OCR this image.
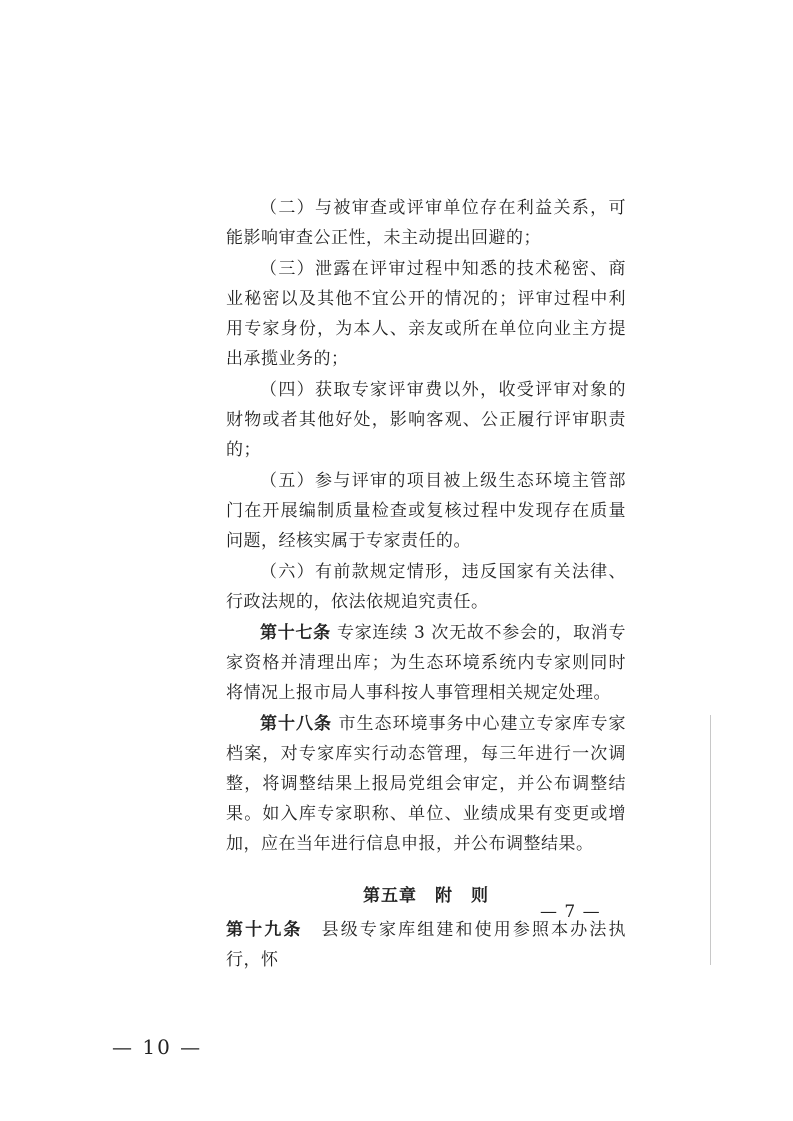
（二）与被审查或评审单位存在利益关系，可能影响审查公正性，未主动提出回避的；

（三）泄露在评审过程中知悉的技术秘密、商业秘密以及其他不宜公开的情况的；评审过程中利用专家身份，为本人、亲友或所在单位向业主方提出承揽业务的；

（四）获取专家评审费以外，收受评审对象的财物或者其他好处，影响客观、公正履行评审职责的；

（五）参与评审的项目被上级生态环境主管部门在开展编制质量检查或复核过程中发现存在质量问题，经核实属于专家责任的。

（六）有前款规定情形，违反国家有关法律、行政法规的，依法依规追究责任。

第十七条 专家连续 3 次无故不参会的，取消专家资格并清理出库；为生态环境系统内专家则同时将情况上报市局人事科按人事管理相关规定处理。

第十八条 市生态环境事务中心建立专家库专家档案，对专家库实行动态管理，每三年进行一次调整，将调整结果上报局党组会审定，并公布调整结果。如入库专家职称、单位、业绩成果有变更或增加，应在当年进行信息申报，并公布调整结果。

第五章　附　则

第十九条　县级专家库组建和使用参照本办法执行，怀

— 7 —
— 10 —
